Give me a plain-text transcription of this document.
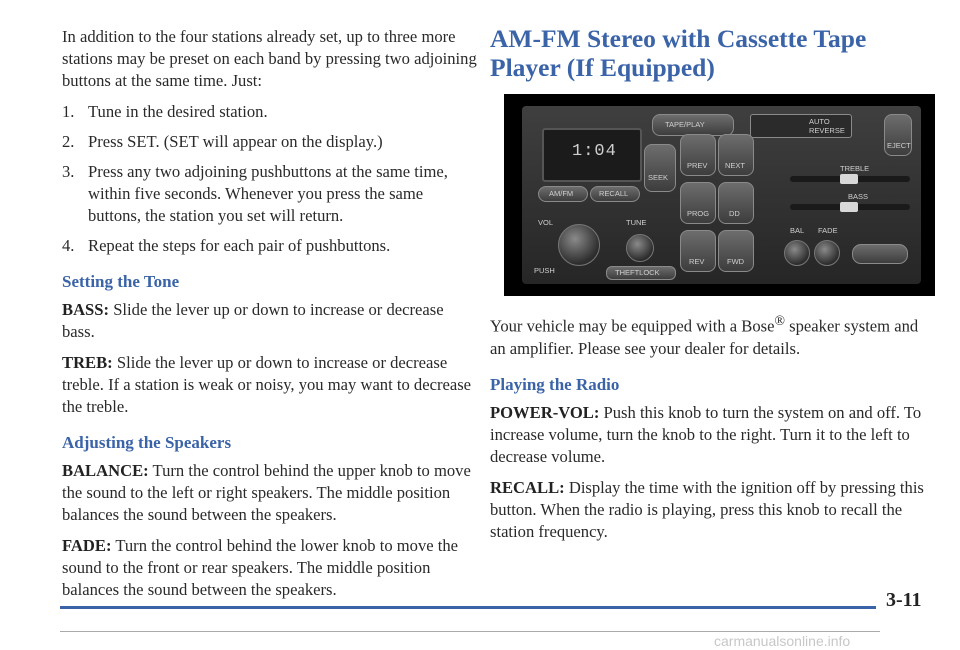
In addition to the four stations already set, up to three more stations may be preset on each band by pressing two adjoining buttons at the same time. Just:

1. Tune in the desired station.
2. Press SET. (SET will appear on the display.)
3. Press any two adjoining pushbuttons at the same time, within five seconds. Whenever you press the same buttons, the station you set will return.
4. Repeat the steps for each pair of pushbuttons.
Setting the Tone

BASS: Slide the lever up or down to increase or decrease bass.

TREB: Slide the lever up or down to increase or decrease treble. If a station is weak or noisy, you may want to decrease the treble.

Adjusting the Speakers

BALANCE: Turn the control behind the upper knob to move the sound to the left or right speakers. The middle position balances the sound between the speakers.

FADE: Turn the control behind the lower knob to move the sound to the front or rear speakers. The middle position balances the sound between the speakers.

AM-FM Stereo with Cassette Tape Player (If Equipped)

Your vehicle may be equipped with a Bose® speaker system and an amplifier. Please see your dealer for details.

Playing the Radio

POWER-VOL: Push this knob to turn the system on and off. To increase volume, turn the knob to the right. Turn it to the left to decrease volume.

RECALL: Display the time with the ignition off by pressing this button. When the radio is playing, press this knob to recall the station frequency.

1:04
TAPE/PLAY	AUTO REVERSE
EJECT
SEEK
PREV NEXT
PROG	DD
REV	FWD
AM/FM	RECALL
VOL
PUSH
TUNE
THEFTLOCK
TREBLE
BASS
BAL FADE
3-11
carmanualsonline.info
